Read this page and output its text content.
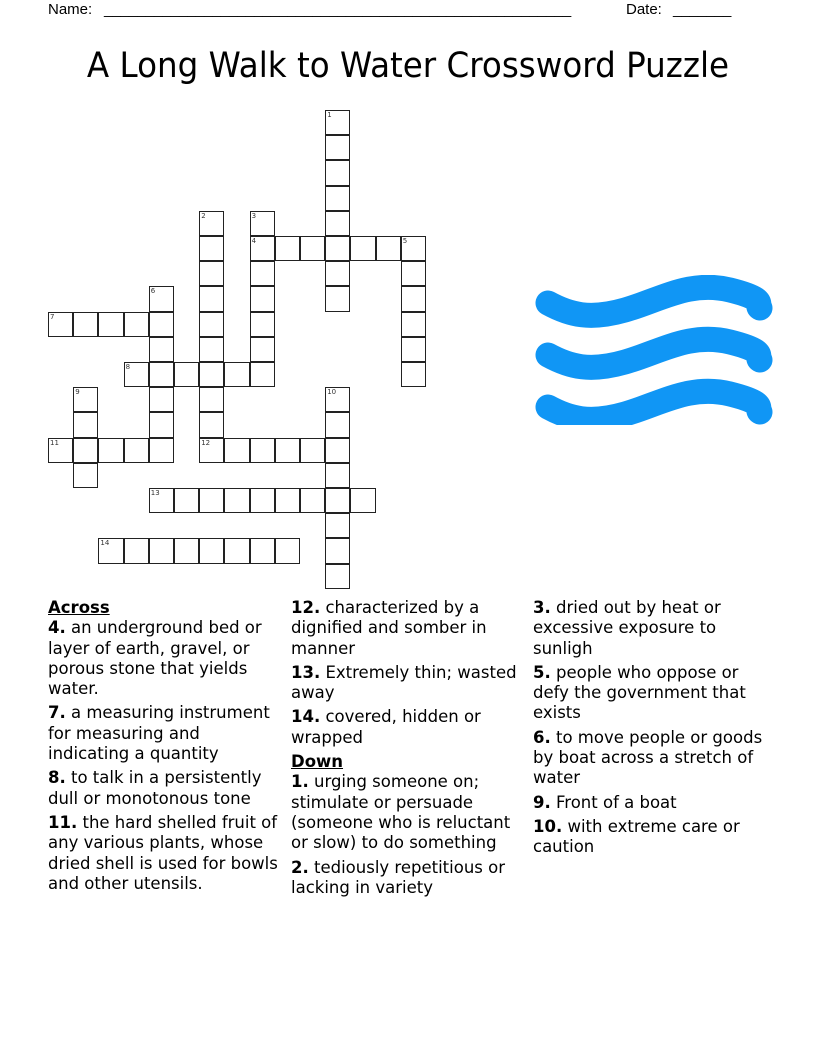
Name: ________________________________________________________	Date: _______
A Long Walk to Water Crossword Puzzle
1
2
12
3
4	5
6
7
8
9	10
11
13
14
Across
4. an underground bed or layer of earth, gravel, or porous stone that yields water.
7. a measuring instrument for measuring and indicating a quantity
8. to talk in a persistently dull or monotonous tone
11. the hard shelled fruit of any various plants, whose dried shell is used for bowls and other utensils.
12. characterized by a dignified and somber in manner
13. Extremely thin; wasted away
14. covered, hidden or wrapped
Down
1. urging someone on; stimulate or persuade (someone who is reluctant or slow) to do something
2. tediously repetitious or lacking in variety
3. dried out by heat or excessive exposure to sunligh
5. people who oppose or defy the government that exists
6. to move people or goods by boat across a stretch of water
9. Front of a boat
10. with extreme care or caution
